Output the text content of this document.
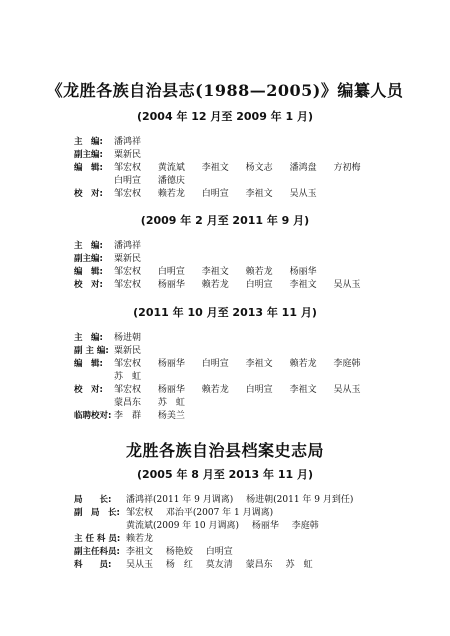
《龙胜各族自治县志(1988—2005)》编纂人员
(2004 年 12 月至 2009 年 1 月)
主　编: 潘鸿祥
副主编: 粟新民
编　辑: 邹宏权 黄流斌 李祖文 杨文志 潘鸿盘 方初梅
白明宣 潘德庆
校　对: 邹宏权 赖若龙 白明宣 李祖文 吴从玉
(2009 年 2 月至 2011 年 9 月)
主　编: 潘鸿祥
副主编: 粟新民
编　辑: 邹宏权 白明宣 李祖文 赖若龙 杨丽华
校　对: 邹宏权 杨丽华 赖若龙 白明宣 李祖文 吴从玉
(2011 年 10 月至 2013 年 11 月)
主　编: 杨进朝
副 主 编: 粟新民
编　辑: 邹宏权 杨丽华 白明宣 李祖文 赖若龙 李庭韩
苏　虹
校　对: 邹宏权 杨丽华 赖若龙 白明宣 李祖文 吴从玉
蒙昌东 苏　虹
临聘校对: 李　群 杨美兰
龙胜各族自治县档案史志局
(2005 年 8 月至 2013 年 11 月)
局　　长: 潘鸿祥(2011 年 9 月调离) 杨进朝(2011 年 9 月到任)
副　局　长: 邹宏权 邓治平(2007 年 1 月调离)
黄流斌(2009 年 10 月调离) 杨丽华 李庭韩
主 任 科 员: 赖若龙
副主任科员: 李祖文 杨艳姣 白明宣
科　　员: 吴从玉 杨　红 莫友清 蒙昌东 苏　虹
